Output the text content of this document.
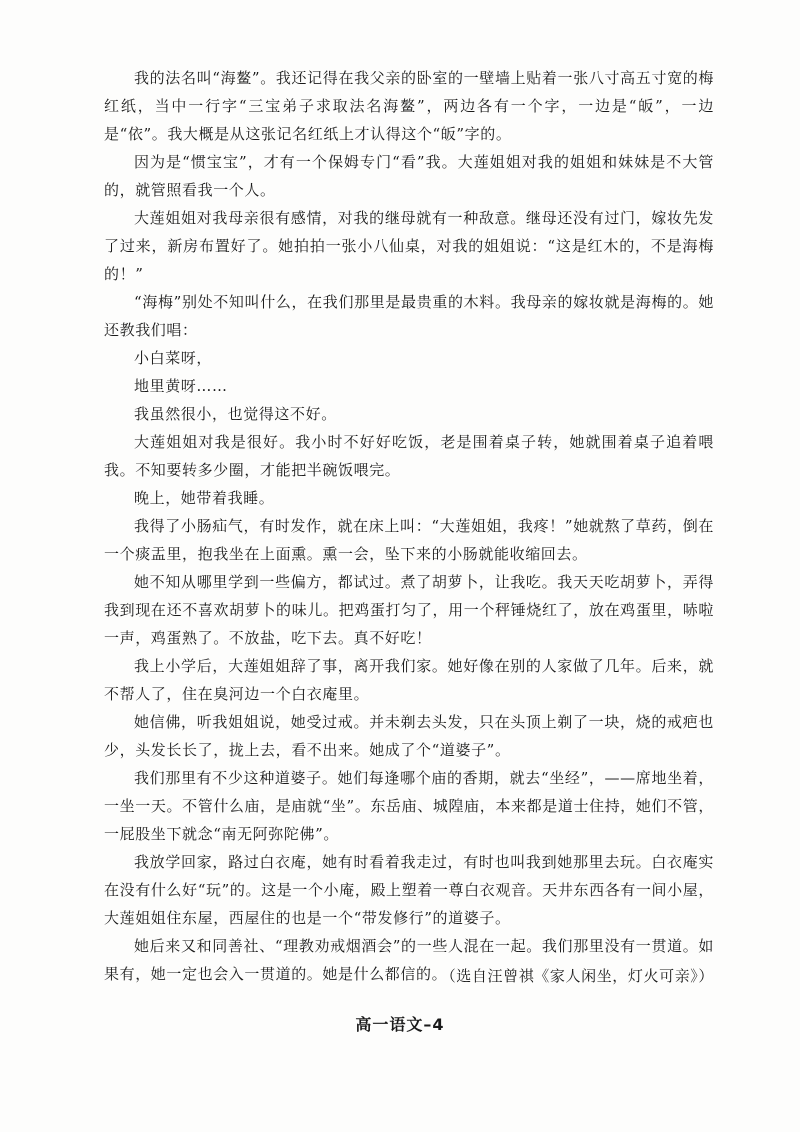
我的法名叫“海鳌”。我还记得在我父亲的卧室的一壁墙上贴着一张八寸高五寸宽的梅红纸，当中一行字“三宝弟子求取法名海鳌”，两边各有一个字，一边是“皈”，一边是“依”。我大概是从这张记名红纸上才认得这个“皈”字的。

因为是“惯宝宝”，才有一个保姆专门“看”我。大莲姐姐对我的姐姐和妹妹是不大管的，就管照看我一个人。

大莲姐姐对我母亲很有感情，对我的继母就有一种敌意。继母还没有过门，嫁妆先发了过来，新房布置好了。她拍拍一张小八仙桌，对我的姐姐说：“这是红木的，不是海梅的！”

“海梅”别处不知叫什么，在我们那里是最贵重的木料。我母亲的嫁妆就是海梅的。她还教我们唱：

小白菜呀，

地里黄呀……

我虽然很小，也觉得这不好。

大莲姐姐对我是很好。我小时不好好吃饭，老是围着桌子转，她就围着桌子追着喂我。不知要转多少圈，才能把半碗饭喂完。

晚上，她带着我睡。

我得了小肠疝气，有时发作，就在床上叫：“大莲姐姐，我疼！”她就熬了草药，倒在一个痰盂里，抱我坐在上面熏。熏一会，坠下来的小肠就能收缩回去。

她不知从哪里学到一些偏方，都试过。煮了胡萝卜，让我吃。我天天吃胡萝卜，弄得我到现在还不喜欢胡萝卜的味儿。把鸡蛋打匀了，用一个秤锤烧红了，放在鸡蛋里，哧啦一声，鸡蛋熟了。不放盐，吃下去。真不好吃！

我上小学后，大莲姐姐辞了事，离开我们家。她好像在别的人家做了几年。后来，就不帮人了，住在臭河边一个白衣庵里。

她信佛，听我姐姐说，她受过戒。并未剃去头发，只在头顶上剃了一块，烧的戒疤也少，头发长长了，拢上去，看不出来。她成了个“道婆子”。

我们那里有不少这种道婆子。她们每逢哪个庙的香期，就去“坐经”，——席地坐着，一坐一天。不管什么庙，是庙就“坐”。东岳庙、城隍庙，本来都是道士住持，她们不管，一屁股坐下就念“南无阿弥陀佛”。

我放学回家，路过白衣庵，她有时看着我走过，有时也叫我到她那里去玩。白衣庵实在没有什么好“玩”的。这是一个小庵，殿上塑着一尊白衣观音。天井东西各有一间小屋，大莲姐姐住东屋，西屋住的也是一个“带发修行”的道婆子。

她后来又和同善社、“理教劝戒烟酒会”的一些人混在一起。我们那里没有一贯道。如果有，她一定也会入一贯道的。她是什么都信的。

（选自汪曾祺《家人闲坐，灯火可亲》）

高一语文–4
